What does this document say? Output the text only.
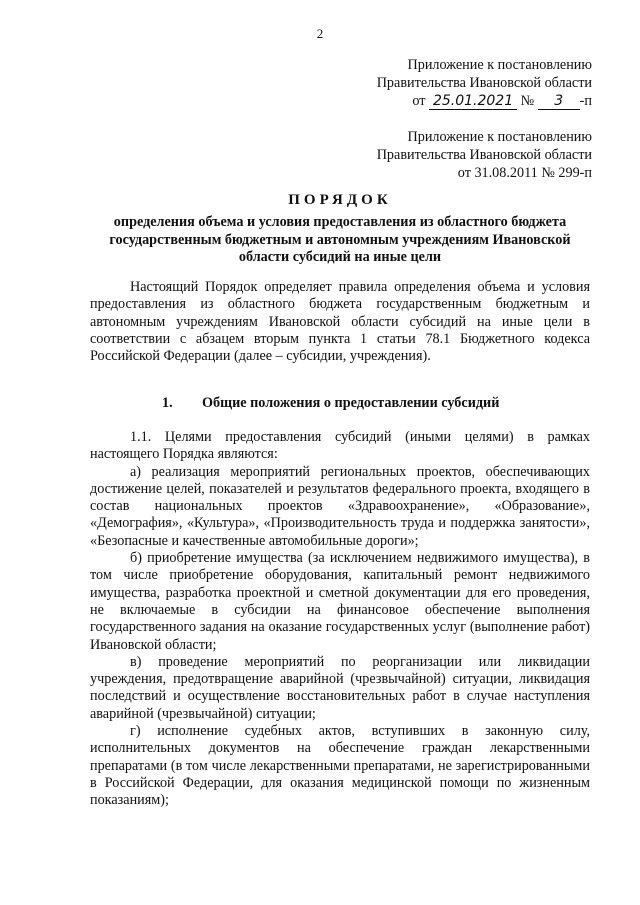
2
Приложение к постановлению
Правительства Ивановской области
от 25.01.2021 № 3 -п
Приложение к постановлению
Правительства Ивановской области
от 31.08.2011 № 299-п
ПОРЯДОК
определения объема и условия предоставления из областного бюджета государственным бюджетным и автономным учреждениям Ивановской области субсидий на иные цели

Настоящий Порядок определяет правила определения объема и условия предоставления из областного бюджета государственным бюджетным и автономным учреждениям Ивановской области субсидий на иные цели в соответствии с абзацем вторым пункта 1 статьи 78.1 Бюджетного кодекса Российской Федерации (далее – субсидии, учреждения).

1. Общие положения о предоставлении субсидий

1.1. Целями предоставления субсидий (иными целями) в рамках настоящего Порядка являются:

а) реализация мероприятий региональных проектов, обеспечивающих достижение целей, показателей и результатов федерального проекта, входящего в состав национальных проектов «Здравоохранение», «Образование», «Демография», «Культура», «Производительность труда и поддержка занятости», «Безопасные и качественные автомобильные дороги»;

б) приобретение имущества (за исключением недвижимого имущества), в том числе приобретение оборудования, капитальный ремонт недвижимого имущества, разработка проектной и сметной документации для его проведения, не включаемые в субсидии на финансовое обеспечение выполнения государственного задания на оказание государственных услуг (выполнение работ) Ивановской области;

в) проведение мероприятий по реорганизации или ликвидации учреждения, предотвращение аварийной (чрезвычайной) ситуации, ликвидация последствий и осуществление восстановительных работ в случае наступления аварийной (чрезвычайной) ситуации;

г) исполнение судебных актов, вступивших в законную силу, исполнительных документов на обеспечение граждан лекарственными препаратами (в том числе лекарственными препаратами, не зарегистрированными в Российской Федерации, для оказания медицинской помощи по жизненным показаниям);
